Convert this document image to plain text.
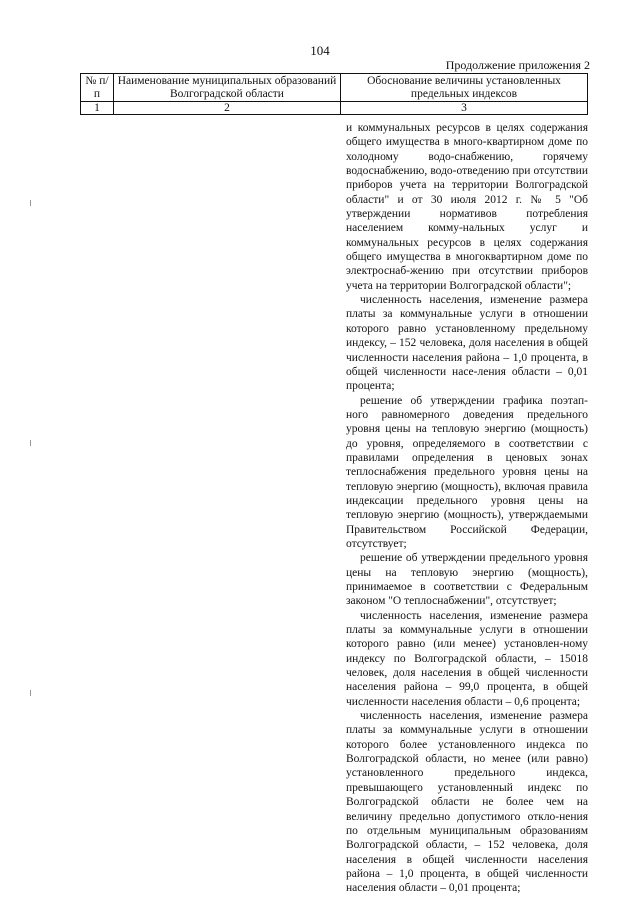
104
Продолжение приложения 2
№ п/п	Наименование муниципальных образований Волгоградской области	Обоснование величины установленных предельных индексов
1	2	3

и коммунальных ресурсов в целях содержания общего имущества в много-квартирном доме по холодному водо-снабжению, горячему водоснабжению, водо-отведению при отсутствии приборов учета на территории Волгоградской области" и от 30 июля 2012 г. № 5 "Об утверждении нормативов потребления населением комму-нальных услуг и коммунальных ресурсов в целях содержания общего имущества в многоквартирном доме по электроснаб-жению при отсутствии приборов учета на территории Волгоградской области";

численность населения, изменение размера платы за коммунальные услуги в отношении которого равно установленному предельному индексу, – 152 человека, доля населения в общей численности населения района – 1,0 процента, в общей численности насе-ления области – 0,01 процента;

решение об утверждении графика поэтап-ного равномерного доведения предельного уровня цены на тепловую энергию (мощность) до уровня, определяемого в соответствии с правилами определения в ценовых зонах теплоснабжения предельного уровня цены на тепловую энергию (мощность), включая правила индексации предельного уровня цены на тепловую энергию (мощность), утверждаемыми Правительством Российской Федерации, отсутствует;

решение об утверждении предельного уровня цены на тепловую энергию (мощность), принимаемое в соответствии с Федеральным законом "О теплоснабжении", отсутствует;

численность населения, изменение размера платы за коммунальные услуги в отношении которого равно (или менее) установлен-ному индексу по Волгоградской области, – 15018 человек, доля населения в общей численности населения района – 99,0 процента, в общей численности населения области – 0,6 процента;

численность населения, изменение размера платы за коммунальные услуги в отношении которого более установленного индекса по Волгоградской области, но менее (или равно) установленного предельного индекса, превышающего установленный индекс по Волгоградской области не более чем на величину предельно допустимого откло-нения по отдельным муниципальным образованиям Волгоградской области, – 152 человека, доля населения в общей численности населения района – 1,0 процента, в общей численности населения области – 0,01 процента;
